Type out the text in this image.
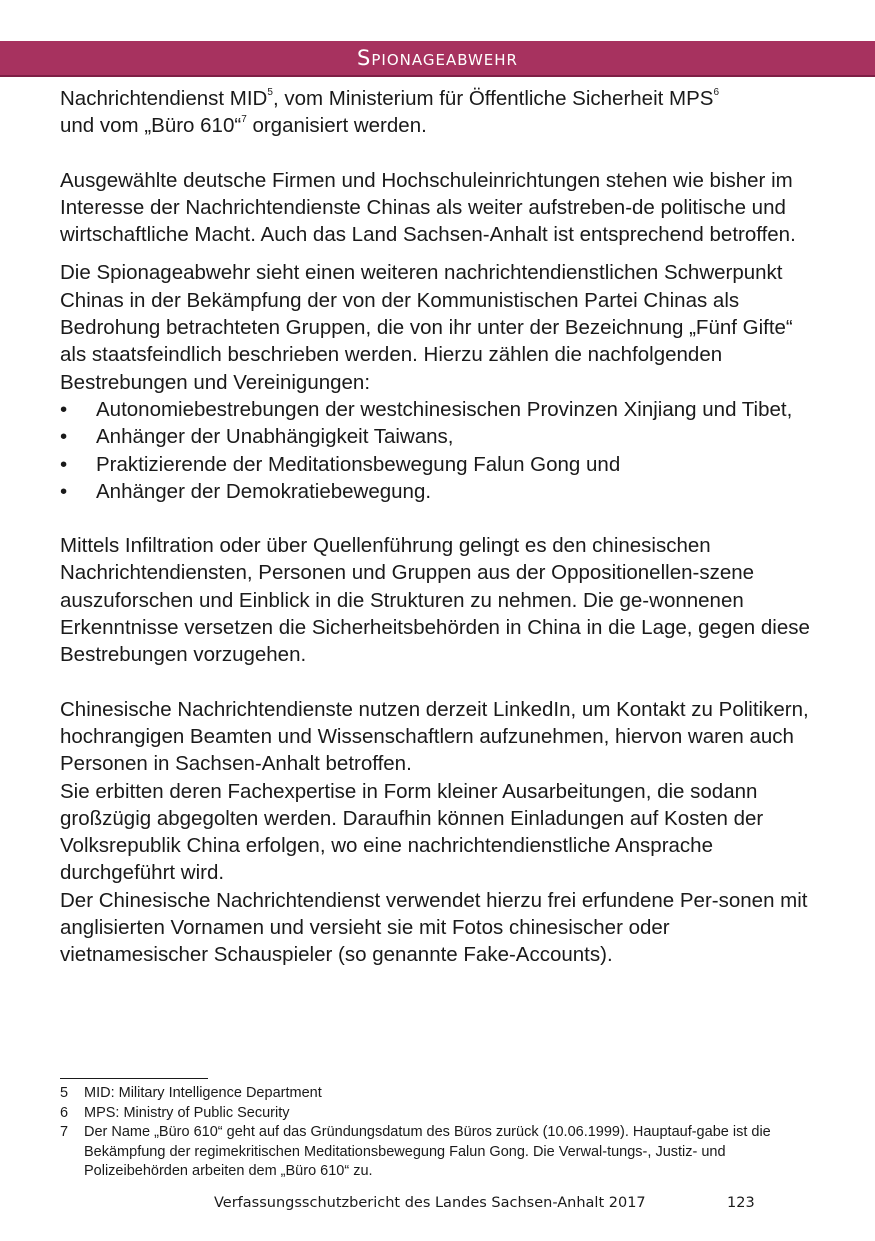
Spionageabwehr

Nachrichtendienst MID$^5$, vom Ministerium für Öffentliche Sicherheit MPS$^6$
und vom „Büro 610“$^7$ organisiert werden.

Ausgewählte deutsche Firmen und Hochschuleinrichtungen stehen wie bisher im Interesse der Nachrichtendienste Chinas als weiter aufstreben-de politische und wirtschaftliche Macht. Auch das Land Sachsen-Anhalt ist entsprechend betroffen.

Die Spionageabwehr sieht einen weiteren nachrichtendienstlichen Schwerpunkt Chinas in der Bekämpfung der von der Kommunistischen Partei Chinas als Bedrohung betrachteten Gruppen, die von ihr unter der Bezeichnung „Fünf Gifte“ als staatsfeindlich beschrieben werden. Hierzu zählen die nachfolgenden Bestrebungen und Vereinigungen:

• Autonomiebestrebungen der westchinesischen Provinzen Xinjiang und Tibet,
• Anhänger der Unabhängigkeit Taiwans,
• Praktizierende der Meditationsbewegung Falun Gong und
• Anhänger der Demokratiebewegung.

Mittels Infiltration oder über Quellenführung gelingt es den chinesischen Nachrichtendiensten, Personen und Gruppen aus der Oppositionellen-szene auszuforschen und Einblick in die Strukturen zu nehmen. Die ge-wonnenen Erkenntnisse versetzen die Sicherheitsbehörden in China in die Lage, gegen diese Bestrebungen vorzugehen.

Chinesische Nachrichtendienste nutzen derzeit LinkedIn, um Kontakt zu Politikern, hochrangigen Beamten und Wissenschaftlern aufzunehmen, hiervon waren auch Personen in Sachsen-Anhalt betroffen.

Sie erbitten deren Fachexpertise in Form kleiner Ausarbeitungen, die sodann großzügig abgegolten werden. Daraufhin können Einladungen auf Kosten der Volksrepublik China erfolgen, wo eine nachrichtendienstliche Ansprache durchgeführt wird.

Der Chinesische Nachrichtendienst verwendet hierzu frei erfundene Per-sonen mit anglisierten Vornamen und versieht sie mit Fotos chinesischer oder vietnamesischer Schauspieler (so genannte Fake-Accounts).

5 MID: Military Intelligence Department
6 MPS: Ministry of Public Security
7 Der Name „Büro 610“ geht auf das Gründungsdatum des Büros zurück (10.06.1999). Hauptauf-gabe ist die Bekämpfung der regimekritischen Meditationsbewegung Falun Gong. Die Verwal-tungs-, Justiz- und Polizeibehörden arbeiten dem „Büro 610“ zu.
Verfassungsschutzbericht des Landes Sachsen-Anhalt 2017	123
